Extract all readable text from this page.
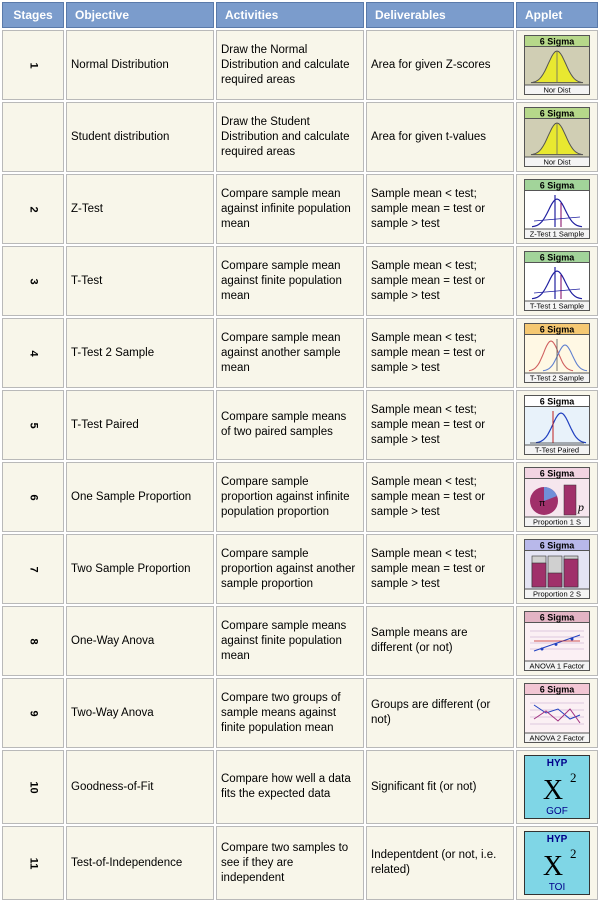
Stages	Objective	Activities	Deliverables	Applet
1	Normal Distribution	Draw the Normal Distribution and calculate required areas	Area for given Z-scores	6 Sigma
Nor Dist

	Student distribution	Draw the Student Distribution and calculate required areas	Area for given t-values	6 Sigma
Nor Dist

2	Z-Test	Compare sample mean against infinite population mean	Sample mean < test; sample mean = test or sample > test	6 Sigma
Z-Test 1 Sample

3	T-Test	Compare sample mean against finite population mean	Sample mean < test; sample mean = test or sample > test	6 Sigma
T-Test 1 Sample

4	T-Test 2 Sample	Compare sample mean against another sample mean	Sample mean < test; sample mean = test or sample > test	6 Sigma
T-Test 2 Sample

5	T-Test Paired	Compare sample means of two paired samples	Sample mean < test; sample mean = test or sample > test	6 Sigma
T-Test Paired

6	One Sample Proportion	Compare sample proportion against infinite population proportion	Sample mean < test; sample mean = test or sample > test	6 Sigma
Proportion 1 S
π p

7	Two Sample Proportion	Compare sample proportion against another sample proportion	Sample mean < test; sample mean = test or sample > test	6 Sigma
Proportion 2 S

8	One-Way Anova	Compare sample means against finite population mean	Sample means are different (or not)	6 Sigma
ANOVA 1 Factor

9	Two-Way Anova	Compare two groups of sample means against finite population mean	Groups are different (or not)	6 Sigma
ANOVA 2 Factor

10	Goodness-of-Fit	Compare how well a data fits the expected data	Significant fit (or not)	HYP
X 2
GOF

11	Test-of-Independence	Compare two samples to see if they are independent	Indepentdent (or not, i.e. related)	HYP
X 2
TOI
